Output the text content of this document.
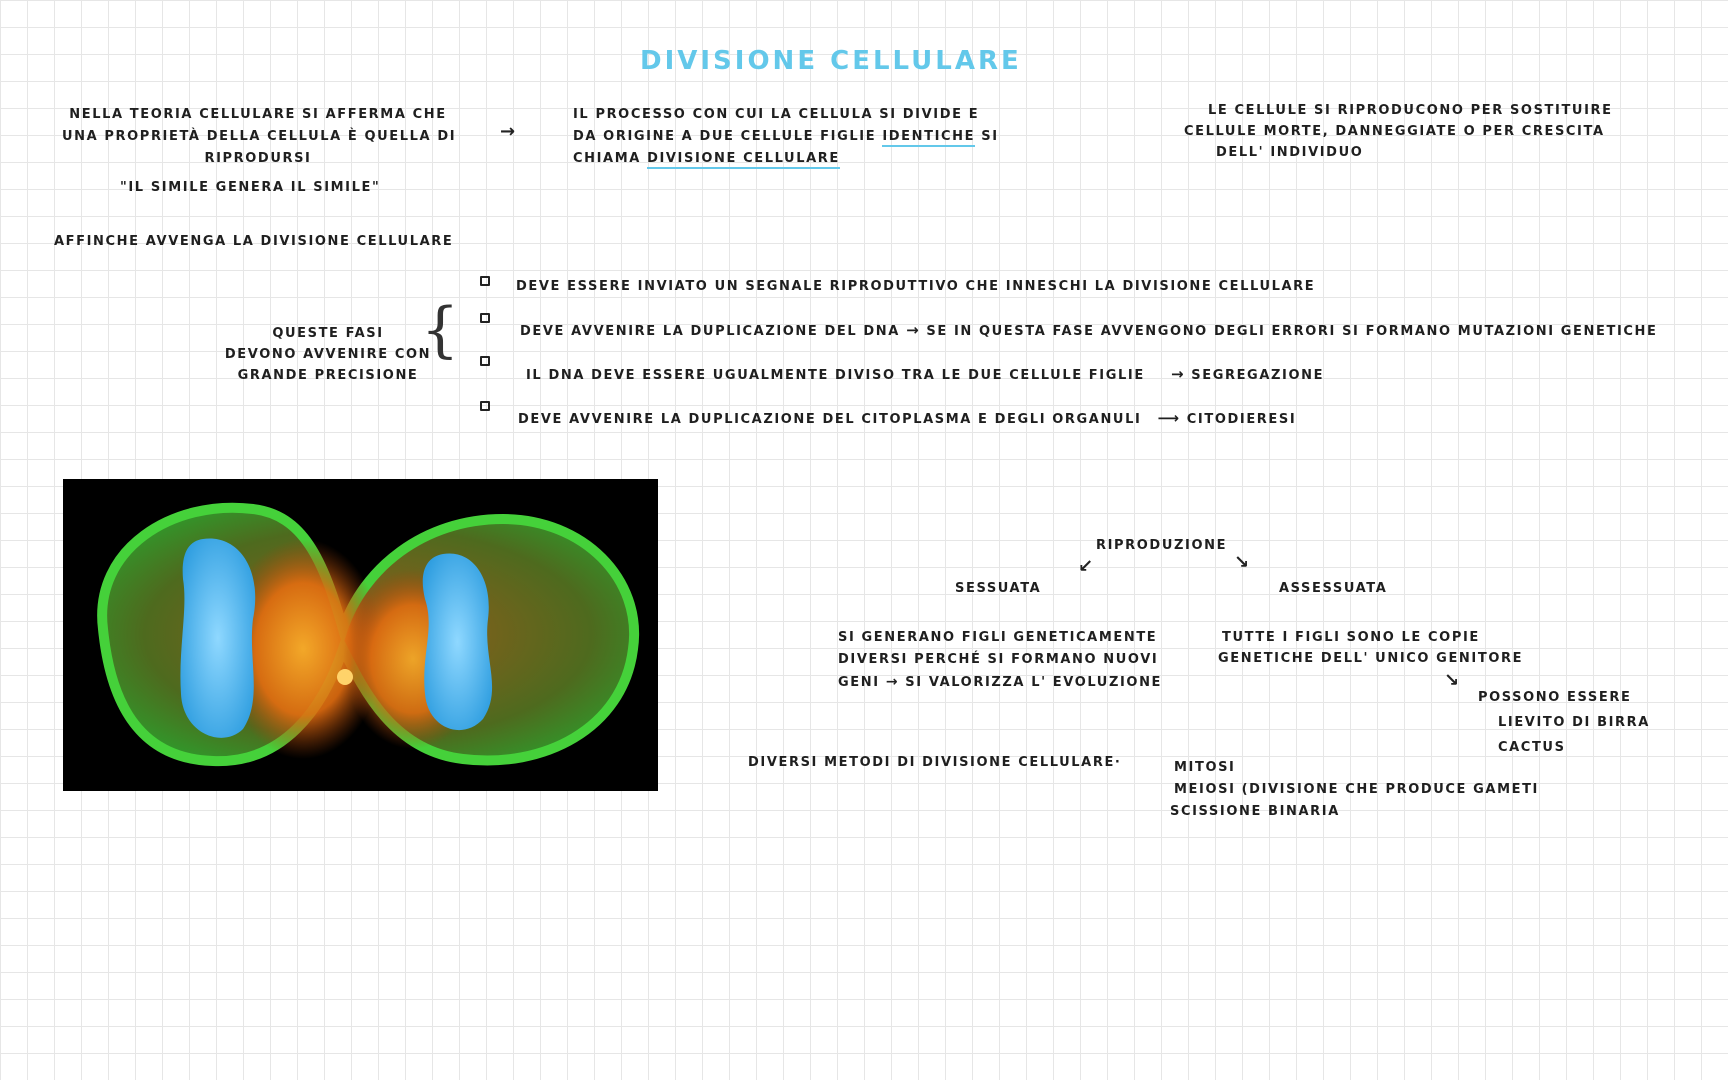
DIVISIONE CELLULARE
NELLA TEORIA CELLULARE SI AFFERMA CHE
UNA PROPRIETÀ DELLA CELLULA È QUELLA DI
RIPRODURSI
"IL SIMILE GENERA IL SIMILE"
→
IL PROCESSO CON CUI LA CELLULA SI DIVIDE E
DA ORIGINE A DUE CELLULE FIGLIE IDENTICHE SI
CHIAMA DIVISIONE CELLULARE
LE CELLULE SI RIPRODUCONO PER SOSTITUIRE
CELLULE MORTE, DANNEGGIATE O PER CRESCITA
DELL' INDIVIDUO
AFFINCHE AVVENGA LA DIVISIONE CELLULARE
QUESTE FASI
DEVONO AVVENIRE CON
GRANDE PRECISIONE
{
DEVE ESSERE INVIATO UN SEGNALE RIPRODUTTIVO CHE INNESCHI LA DIVISIONE CELLULARE
DEVE AVVENIRE LA DUPLICAZIONE DEL DNA → SE IN QUESTA FASE AVVENGONO DEGLI ERRORI SI FORMANO MUTAZIONI GENETICHE
IL DNA DEVE ESSERE UGUALMENTE DIVISO TRA LE DUE CELLULE FIGLIE → SEGREGAZIONE
DEVE AVVENIRE LA DUPLICAZIONE DEL CITOPLASMA E DEGLI ORGANULI ⟶ CITODIERESI
RIPRODUZIONE
↙	↘
SESSUATA	ASSESSUATA
SI GENERANO FIGLI GENETICAMENTE
DIVERSI PERCHÉ SI FORMANO NUOVI
GENI → SI VALORIZZA L' EVOLUZIONE
TUTTE I FIGLI SONO LE COPIE
GENETICHE DELL' UNICO GENITORE
↘
POSSONO ESSERE
LIEVITO DI BIRRA
CACTUS
DIVERSI METODI DI DIVISIONE CELLULARE·	MITOSI
MEIOSI (DIVISIONE CHE PRODUCE GAMETI
SCISSIONE BINARIA
